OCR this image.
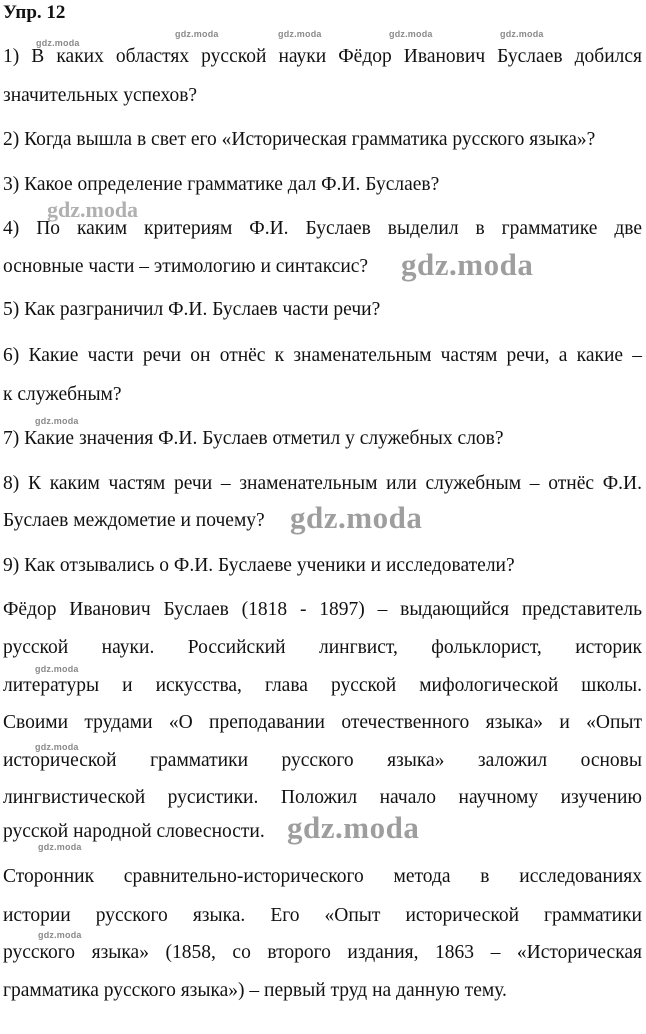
Упр. 12
1) В каких областях русской науки Фёдор Иванович Буслаев добился
значительных успехов?
2) Когда вышла в свет его «Историческая грамматика русского языка»?
3) Какое определение грамматике дал Ф.И. Буслаев?
4) По каким критериям Ф.И. Буслаев выделил в грамматике две
основные части – этимологию и синтаксис?
5) Как разграничил Ф.И. Буслаев части речи?
6) Какие части речи он отнёс к знаменательным частям речи, а какие –
к служебным?
7) Какие значения Ф.И. Буслаев отметил у служебных слов?
8) К каким частям речи – знаменательным или служебным – отнёс Ф.И.
Буслаев междометие и почему?
9) Как отзывались о Ф.И. Буслаеве ученики и исследователи?
Фёдор Иванович Буслаев (1818 - 1897) – выдающийся представитель
русской науки. Российский лингвист, фольклорист, историк
литературы и искусства, глава русской мифологической школы.
Своими трудами «О преподавании отечественного языка» и «Опыт
исторической грамматики русского языка» заложил основы
лингвистической русистики. Положил начало научному изучению
русской народной словесности.
Сторонник сравнительно-исторического метода в исследованиях
истории русского языка. Его «Опыт исторической грамматики
русского языка» (1858, со второго издания, 1863 – «Историческая
грамматика русского языка») – первый труд на данную тему.
gdz.moda	gdz.moda	gdz.moda	gdz.moda
gdz.moda
gdz.moda
gdz.moda
gdz.moda
gdz.moda
gdz.moda
gdz.moda
gdz.moda
gdz.moda
gdz.moda
